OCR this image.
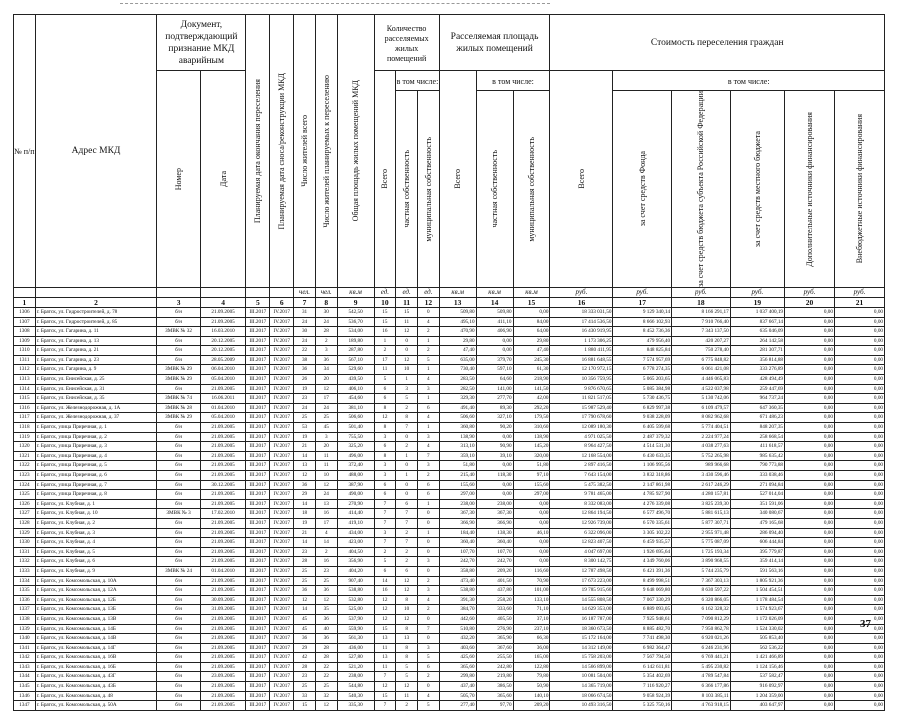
№ п/п	Адрес МКД	Документ, подтверждающий признание МКД аварийным		Планируемая дата окончания переселения	Планируемая дата сноса/реконструкции МКД	Число жителей всего	Число жителей планируемых к переселению	Общая площадь жилых помещений МКД	Количество расселяемых жилых помещений			Расселяемая площадь жилых помещений			Стоимость переселения граждан					

		Номер	Дата						Всего	в том числе:		Всего	в том числе:		Всего	в том числе:				

										частная собственность	муниципальная собственность		частная собственность	муниципальная собственность		за счет средств Фонда	за счет средств бюджета субъекта Российской Федерации	за счет средств местного бюджета	Дополнительные источники финансирования	Внебюджетные источники финансирования

						чел.	чел.	кв.м	ед.	ед.	ед.	кв.м	кв.м	кв.м	руб.	руб.	руб.	руб.	руб.	руб.
1	2	3	4	5	6	7	8	9	10	11	12	13	14	15	16	17	18	19	20	21
1306	г. Братск, ул. Гидростроителей, д. 78	б/н	21.09.2005	III.2017	IV.2017	31	30	542,50	15	15	0	509,80	509,80	0,00	18 333 031,50	9 129 340,14	8 166 291,17	1 037 400,19	0,00	0,00
1307	г. Братск, ул. Гидростроителей, д. 85	б/н	21.09.2005	III.2017	IV.2017	24	24	536,70	15	11	4	495,10	411,10	84,00	17 414 536,50	8 666 102,93	7 910 766,40	837 667,14	0,00	0,00
1308	г. Братск, ул. Гагарина, д. 11	ЗМВК № 32	16.03.2010	III.2017	IV.2017	30	28	534,00	16	12	2	470,90	406,90	64,00	16 430 919,95	8 452 736,36	7 343 137,50	635 046,09	0,00	0,00
1309	г. Братск, ул. Гагарина, д. 13	б/н	20.12.2005	III.2017	IV.2017	24	2	189,80	1	0	1	29,80	0,00	29,80	1 173 306,25	479 956,40	420 207,27	264 142,58	0,00	0,00
1310	г. Братск, ул. Гагарина, д. 21	б/н	20.12.2005	III.2017	IV.2017	22	3	287,80	2	0	2	47,40	0,00	47,40	1 880 411,95	848 825,84	750 278,40	281 307,71	0,00	0,00
1311	г. Братск, ул. Гагарина, д. 23	б/н	28.05.2009	III.2017	IV.2017	38	36	567,10	17	12	5	635,00	379,70	245,30	16 881 648,55	7 574 957,69	6 775 848,82	356 814,88	0,00	0,00
1312	г. Братск, ул. Гагарина, д. 9	ЗМВК № 29	06.04.2010	III.2017	IV.2017	36	34	529,60	11	10	1	730,40	597,10	61,30	12 170 972,15	6 778 274,35	6 061 421,08	333 276,89	0,00	0,00
1313	г. Братск, ул. Енисейская, д. 25	ЗМВК № 29	05.04.2010	III.2017	IV.2017	26	20	439,50	5	1	4	283,50	64,60	218,90	10 356 759,95	5 065 203,65	4 446 065,83	428 494,49	0,00	0,00
1314	г. Братск, ул. Енисейская, д. 31	б/н	21.09.2005	III.2017	IV.2017	19	12	406,10	6	3	3	282,50	141,00	141,50	9 876 670,65	5 085 384,98	4 522 037,98	259 447,69	0,00	0,00
1315	г. Братск, ул. Енисейская, д. 35	ЗМВК № 74	16.06.2011	III.2017	IV.2017	23	17	454,60	6	5	1	329,30	277,70	42,00	11 821 517,05	5 730 436,75	5 130 742,06	964 737,24	0,00	0,00
1316	г. Братск, ул. Железнодорожная, д. 1А	ЗМВК № 28	01.04.2010	III.2017	IV.2017	24	24	381,10	8	2	6	491,40	89,30	292,20	15 987 529,40	6 829 997,38	6 109 479,57	647 360,35	0,00	0,00
1317	г. Братск, ул. Железнодорожная, д. 37	ЗМВК № 29	05.04.2010	III.2017	IV.2017	25	25	506,60	12	8	4	506,60	327,10	179,50	17 790 678,60	9 038 228,09	8 082 962,68	671 486,23	0,00	0,00
1318	г. Братск, улица Приречная, д. 1	б/н	21.09.2005	III.2017	IV.2017	53	45	501,40	8	7	1	360,80	90,20	310,60	12 089 180,30	6 405 599,68	5 774 404,51	848 207,35	0,00	0,00
1319	г. Братск, улица Приречная, д. 2	б/н	21.09.2005	III.2017	IV.2017	19	3	755,50	3	0	3	138,90	0,00	138,90	4 971 025,50	2 487 379,32	2 224 977,24	258 668,54	0,00	0,00
1320	г. Братск, улица Приречная, д. 3	б/н	21.09.2005	III.2017	IV.2017	21	20	325,20	6	2	4	313,10	90,90	145,20	8 964 427,50	4 514 531,30	4 038 277,63	411 618,57	0,00	0,00
1321	г. Братск, улица Приречная, д. 4	б/н	21.09.2005	III.2017	IV.2017	14	11	496,00	8	1	7	359,10	39,10	320,00	12 168 554,00	6 430 633,35	5 752 265,98	985 635,42	0,00	0,00
1322	г. Братск, улица Приречная, д. 5	б/н	21.09.2005	III.2017	IV.2017	13	11	372,40	3	0	3	51,80	0,00	51,80	2 897 416,50	1 106 995,56	989 966,68	790 773,88	0,00	0,00
1323	г. Братск, улица Приречная, д. 6	б/н	21.09.2005	III.2017	IV.2017	12	10	488,00	3	1	2	215,40	118,30	97,10	7 643 154,00	3 832 318,86	3 430 596,46	333 038,46	0,00	0,00
1324	г. Братск, улица Приречная, д. 7	б/н	30.12.2005	III.2017	IV.2017	36	12	387,90	6	0	6	155,60	0,00	155,60	5 475 382,50	2 147 861,98	2 617 246,29	271 094,84	0,00	0,00
1325	г. Братск, улица Приречная, д. 8	б/н	21.09.2005	III.2017	IV.2017	29	24	490,00	6	0	6	297,00	0,00	297,00	9 781 465,00	4 785 927,90	4 280 157,81	527 014,04	0,00	0,00
1326	г. Братск, ул. Клубная, д. 1	б/н	21.09.2005	III.2017	IV.2017	14	13	270,90	7	6	1	238,00	238,00	0,00	8 332 083,00	4 276 339,08	3 825 239,30	351 591,06	0,00	0,00
1327	г. Братск, ул. Клубная, д. 10	ЗМВК № 3	17.02.2010	III.2017	IV.2017	18	16	414,40	7	7	0	367,30	367,30	0,00	12 864 194,50	6 577 496,70	5 881 615,13	340 080,67	0,00	0,00
1328	г. Братск, ул. Клубная, д. 2	б/н	21.09.2005	III.2017	IV.2017	19	17	419,10	7	7	0	366,90	366,90	0,00	12 926 739,00	6 570 335,61	5 877 307,71	479 165,68	0,00	0,00
1329	г. Братск, ул. Клубная, д. 3	б/н	21.09.2005	III.2017	IV.2017	21	4	434,00	3	2	1	184,40	138,30	46,10	6 322 096,00	3 305 102,22	2 955 971,48	286 094,40	0,00	0,00
1330	г. Братск, ул. Клубная, д. 4	б/н	21.09.2005	III.2017	IV.2017	14	14	423,00	7	7	0	360,40	360,40	0,00	12 823 407,50	6 459 935,57	5 775 087,09	606 444,84	0,00	0,00
1331	г. Братск, ул. Клубная, д. 5	б/н	21.09.2005	III.2017	IV.2017	23	2	404,50	2	2	0	107,70	107,70	0,00	4 047 697,00	1 926 695,64	1 725 193,34	395 779,87	0,00	0,00
1332	г. Братск, ул. Клубная, д. 6	б/н	21.09.2005	III.2017	IV.2017	28	16	356,90	5	2	3	242,70	242,70	0,00	8 300 142,75	4 349 760,06	3 890 968,55	359 414,14	0,00	0,00
1333	г. Братск, ул. Клубная, д. 9	ЗМВК № 24	01.04.2010	III.2017	IV.2017	25	23	404,20	6	6	0	358,80	209,20	116,60	12 787 498,50	6 421 391,36	5 744 235,79	591 563,16	0,00	0,00
1334	г. Братск, ул. Комсомольская, д. 10А	б/н	21.09.2005	III.2017	IV.2017	25	25	907,40	14	12	2	473,40	401,50	70,90	17 673 223,00	8 499 998,51	7 367 303,13	1 805 921,36	0,00	0,00
1335	г. Братск, ул. Комсомольская, д. 12А	б/н	21.09.2005	III.2017	IV.2017	36	36	538,80	16	12	3	538,80	437,80	101,00	19 785 915,60	9 648 069,80	8 630 597,22	1 504 454,51	0,00	0,00
1336	г. Братск, ул. Комсомольская, д. 12Б	б/н	30.09.2005	III.2017	IV.2017	12	12	532,80	12	8	4	391,30	258,20	133,10	14 555 808,50	7 067 330,29	6 320 866,05	1 178 484,54	0,00	0,00
1337	г. Братск, ул. Комсомольская, д. 13Б	б/н	31.09.2005	III.2017	IV.2017	14	35	525,00	12	10	2	384,70	333,60	71,10	14 629 353,00	6 889 093,05	6 162 328,32	1 574 923,67	0,00	0,00
1338	г. Братск, ул. Комсомольская, д. 13В	б/н	21.09.2005	III.2017	IV.2017	45	36	537,90	12	12	0	442,60	405,50	37,10	16 187 787,00	7 925 948,61	7 090 812,29	1 172 026,09	0,00	0,00
1339	г. Братск, ул. Комсомольская, д. 14Б	б/н	21.09.2005	III.2017	IV.2017	45	40	559,90	15	8	7	510,80	276,90	237,10	18 360 673,50	8 885 482,70	7 950 862,78	1 524 330,02	0,00	0,00
1340	г. Братск, ул. Комсомольская, д. 14В	б/н	21.09.2005	III.2017	IV.2017	36	36	561,30	13	13	0	432,20	365,90	66,30	15 172 164,00	7 741 498,30	6 920 021,26	505 853,40	0,00	0,00
1341	г. Братск, ул. Комсомольская, д. 14Г	б/н	21.09.2005	III.2017	IV.2017	29	28	436,00	11	8	3	403,60	367,60	36,00	14 312 149,00	6 982 364,47	6 246 231,96	562 536,22	0,00	0,00
1342	г. Братск, ул. Комсомольская, д. 16В	б/н	21.09.2005	III.2017	IV.2017	42	28	527,80	13	8	5	425,60	255,50	165,00	15 758 203,00	7 567 794,50	6 769 441,21	1 421 466,89	0,00	0,00
1343	г. Братск, ул. Комсомольская, д. 16Б	б/н	21.09.2005	III.2017	IV.2017	28	22	521,20	11	5	6	365,60	242,80	122,80	14 566 899,00	6 142 611,81	5 495 230,82	1 124 156,46	0,00	0,00
1344	г. Братск, ул. Комсомольская, д. 43Г	б/н	23.09.2005	III.2017	IV.2017	23	22	238,00	7	5	2	299,80	219,80	79,80	10 081 504,00	5 354 402,69	4 789 547,84	537 582,47	0,00	0,00
1345	г. Братск, ул. Комсомольская, д. 43Б	б/н	21.09.2005	III.2017	IV.2017	25	25	544,80	12	12	0	437,40	386,50	50,90	14 365 719,00	7 116 920,27	6 366 177,86	916 092,97	0,00	0,00
1346	г. Братск, ул. Комсомольская, д. 48	б/н	21.09.2005	III.2017	IV.2017	33	32	540,30	15	11	4	505,70	365,60	140,10	18 066 674,50	9 058 924,39	8 103 385,11	1 204 359,00	0,00	0,00
1347	г. Братск, ул. Комсомольская, д. 50А	б/н	21.09.2005	III.2017	IV.2017	15	12	335,30	7	2	5	277,40	97,70	209,20	10 493 316,50	5 325 750,16	4 763 918,15	403 647,97	0,00	0,00
37
